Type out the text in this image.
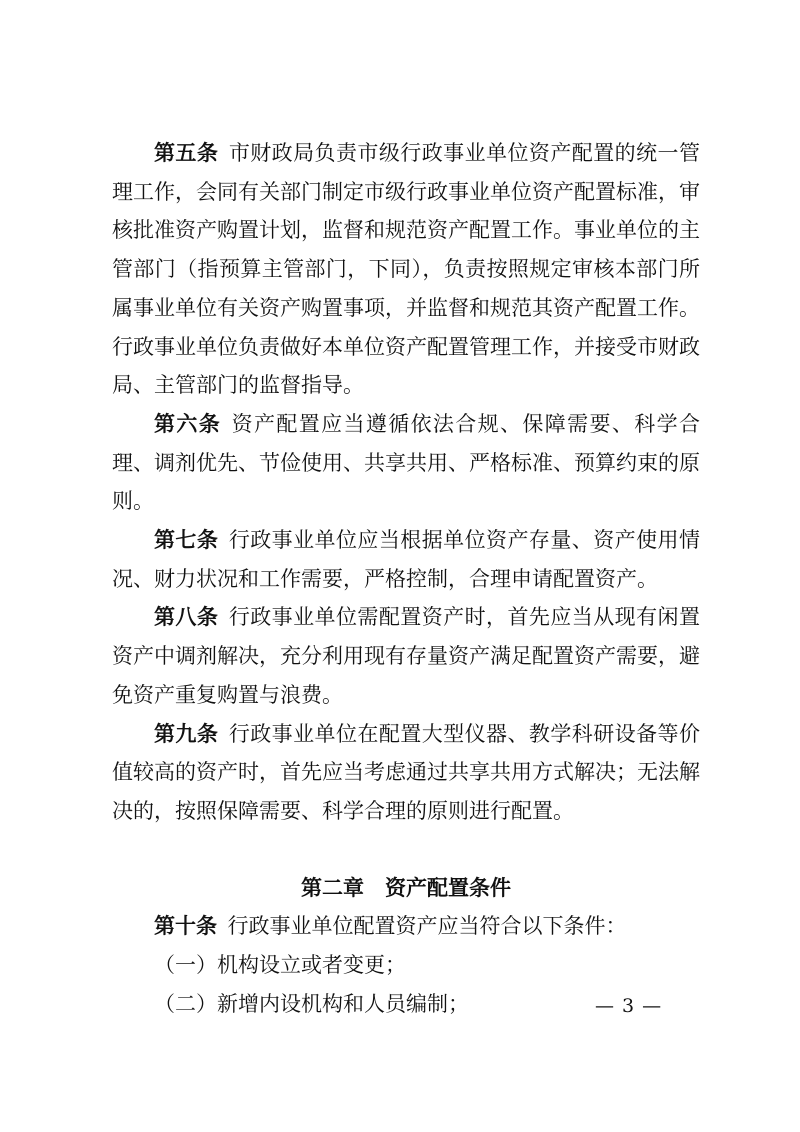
第五条 市财政局负责市级行政事业单位资产配置的统一管理工作，会同有关部门制定市级行政事业单位资产配置标准，审核批准资产购置计划，监督和规范资产配置工作。事业单位的主管部门（指预算主管部门，下同），负责按照规定审核本部门所属事业单位有关资产购置事项，并监督和规范其资产配置工作。行政事业单位负责做好本单位资产配置管理工作，并接受市财政局、主管部门的监督指导。

第六条 资产配置应当遵循依法合规、保障需要、科学合理、调剂优先、节俭使用、共享共用、严格标准、预算约束的原则。

第七条 行政事业单位应当根据单位资产存量、资产使用情况、财力状况和工作需要，严格控制，合理申请配置资产。

第八条 行政事业单位需配置资产时，首先应当从现有闲置资产中调剂解决，充分利用现有存量资产满足配置资产需要，避免资产重复购置与浪费。

第九条 行政事业单位在配置大型仪器、教学科研设备等价值较高的资产时，首先应当考虑通过共享共用方式解决；无法解决的，按照保障需要、科学合理的原则进行配置。

第二章 资产配置条件

第十条 行政事业单位配置资产应当符合以下条件：

（一）机构设立或者变更；

（二）新增内设机构和人员编制；	— 3 —
